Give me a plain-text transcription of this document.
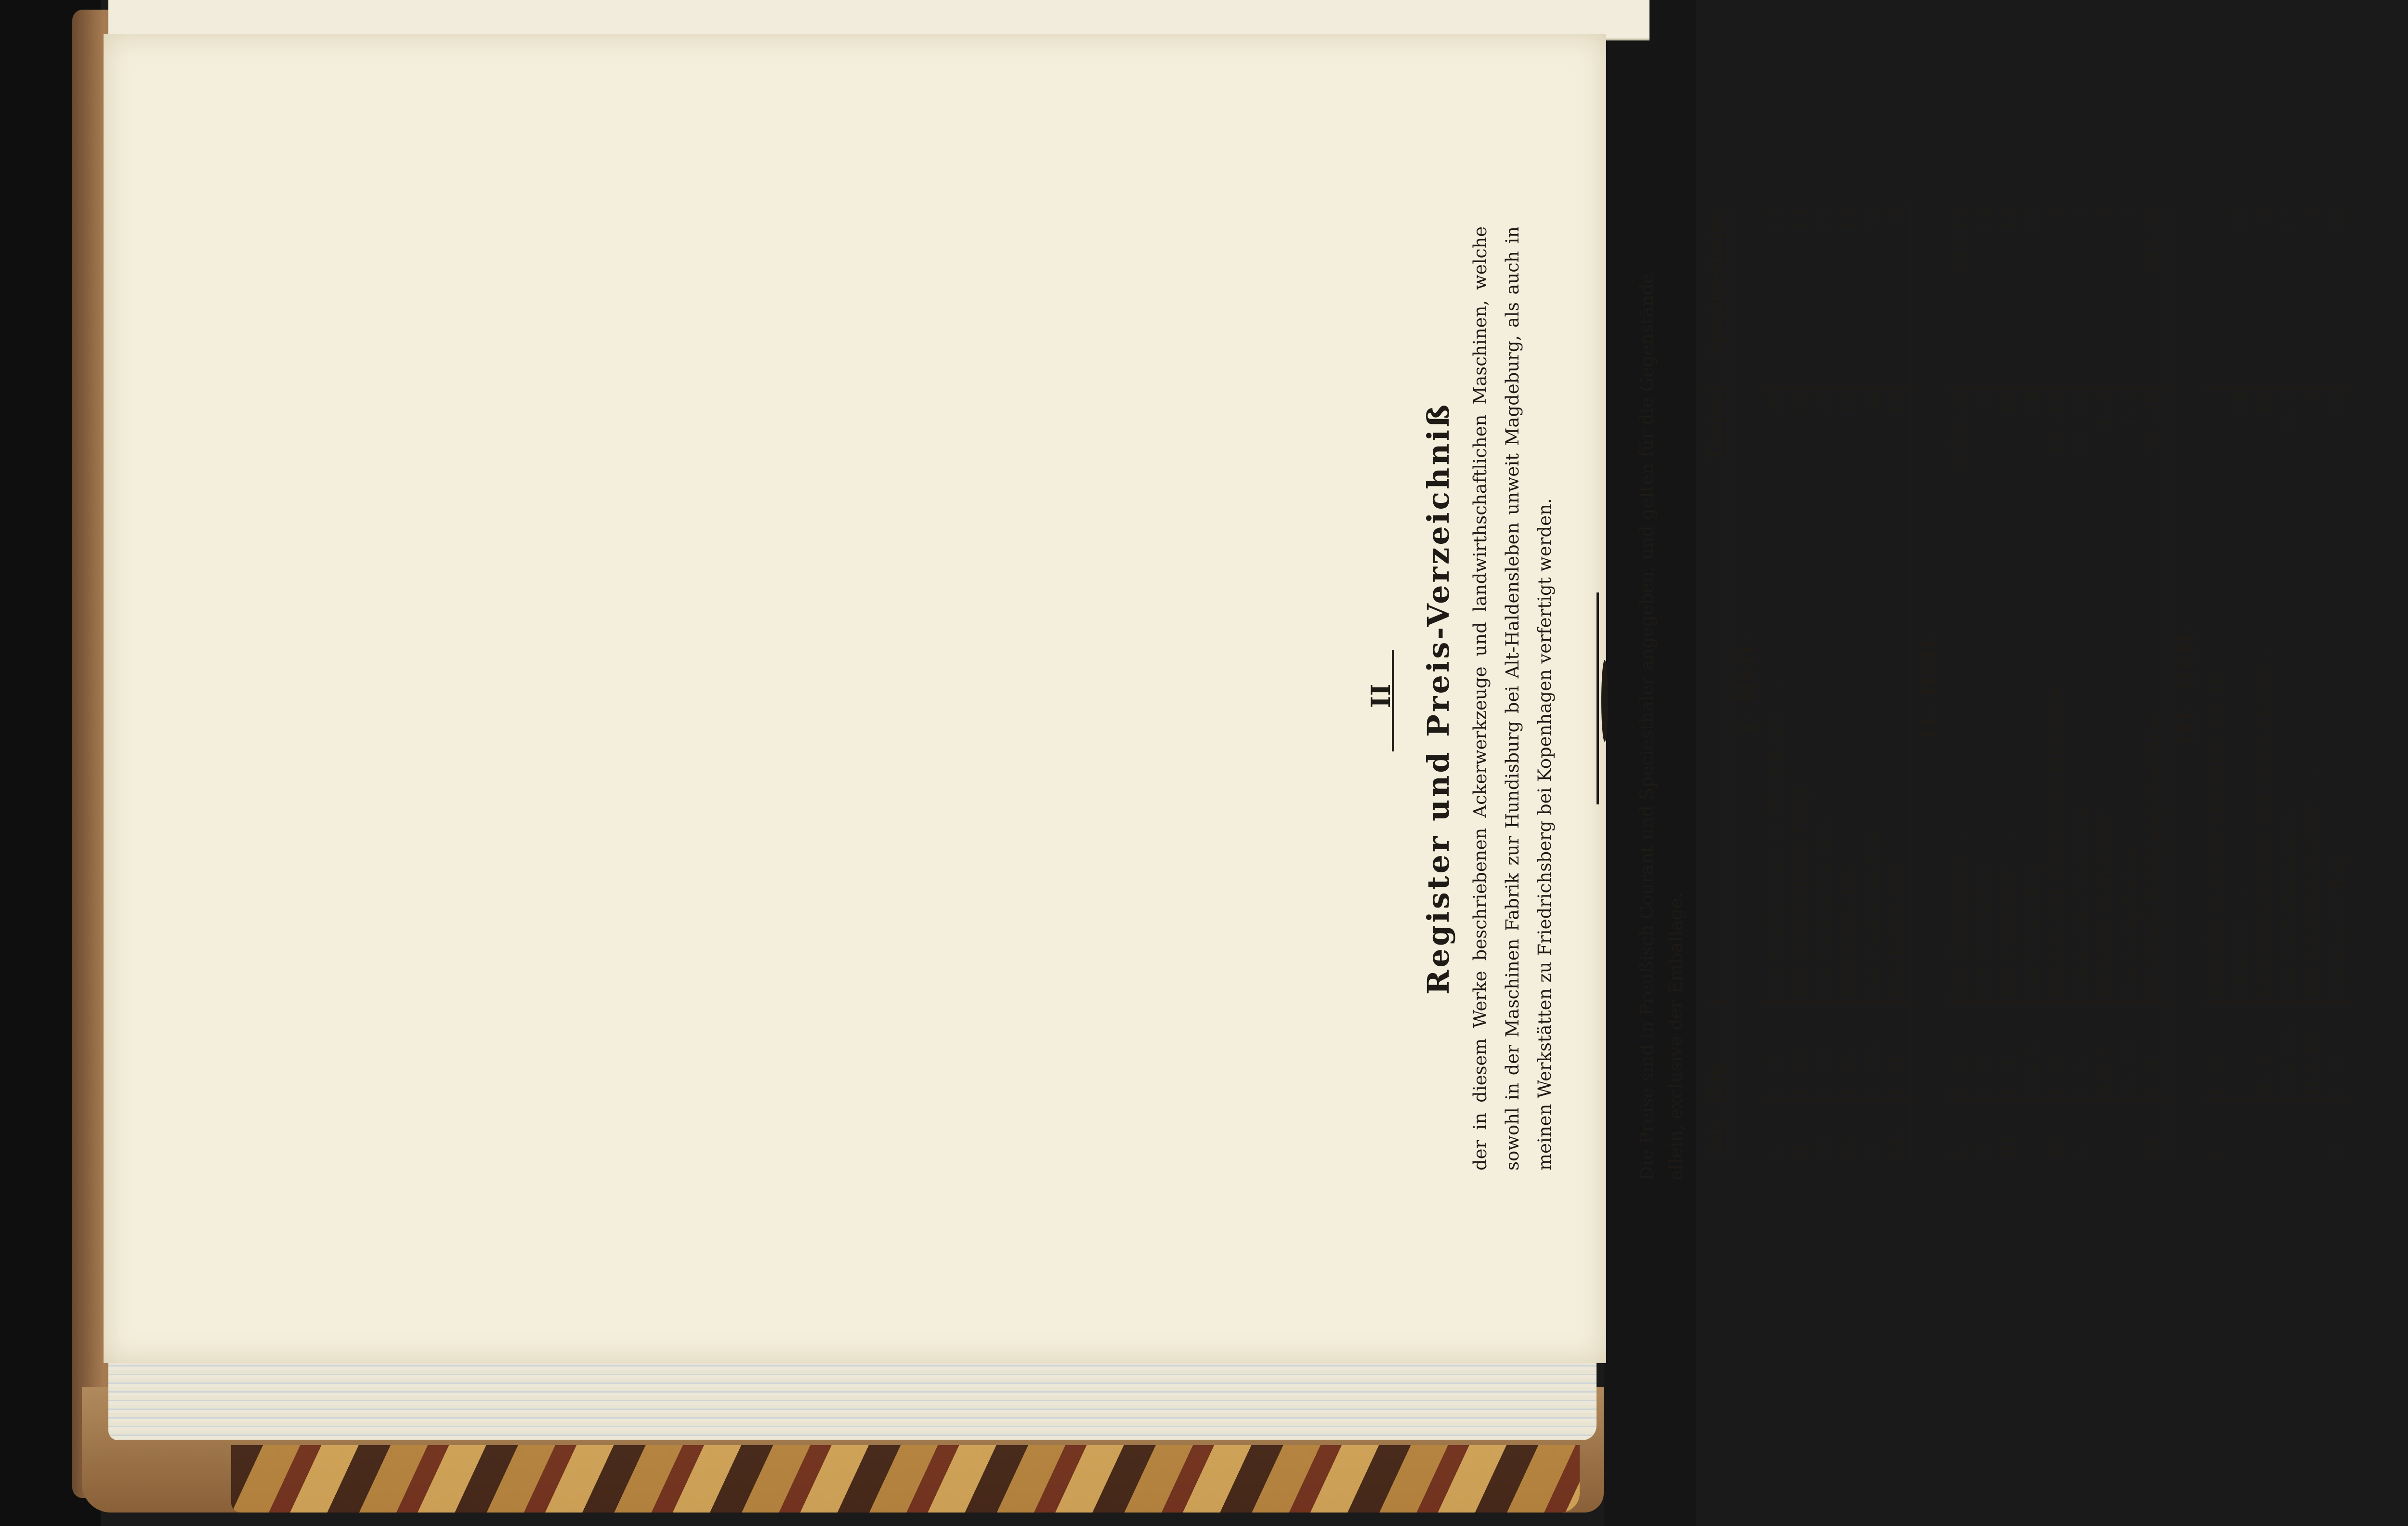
II Register und Preis-Verzeichniß der in diesem Werke beschriebenen Ackerwerkzeuge und landwirthschaftlichen Maschinen, welche sowohl in der Maschinen Fabrik zur Hundisburg bei Alt-Haldensleben unweit Magdeburg, als auch in meinen Werkstätten zu Friedrichsberg bei Kopenhagen verfertigt werden.	Die Preise sind in Preußisch Courant und Speciesthaler angegeben, und gelten für die Gegenstände allein, exclusive der Emballage. Tab.	Fig.		Thaler.	Species-thaler.
I. Heft.				
I.	I - II.	Der Kraftmesser zu Pferdekraft . . .	20	13
II.	I - I3.	Der Schmaalsche Pflug . . . .	22	14
III.	I - I2.	Der Baileysche dito . . . .	23	15
IV.	I - I5.	Winstrups dito . . . .	17	11
V.	I - 20.	Der Cooksche dito . . . .	36	24
VI.	I - II.	Freeborns dito . . . .	14	9
II. Heft.				
I.	I - 9.	Der Exstirpator . . . .	16 bis 22	10 à 14
II.	I - II.	Der Häufpflug . . . .	22	14
III.	I - 3.	Der Cultivator . . . .	19	12
	4 & 5.	Der Minirpflug . . . .	16	10
IV.	I - 9.	Bohnen und Erbsen-Säe-Maschine	11 - 12	7
V.	I - 5.	Rüben Säe-Maschine . . .	11 - 12	7
	6 & 7.	Kartoffel Aufnehmer . . .	3 - 4	2
	8 - 10.	Der Kohlpflanzer . . . .	I - 2	I
VI.	I - 4.	Winstrups Reinigungsmaschine	32 - 40	20 à 25
III. Heft.				
I.	I - 5.	Kartoffel Schneide-Maschine mit 10		
		Messern . . . . .	16	10
	6 - 8.	Kartoffelschneider mit einem Messer .	10	6
	9 & 10.	Der Kartoffelhacker . . .	4 - 5	2½
	II & I2.	Der Kartoffelwascher . . .	5	3
II.	I - 3.	Knowles's Pflug . . . .	53	35
